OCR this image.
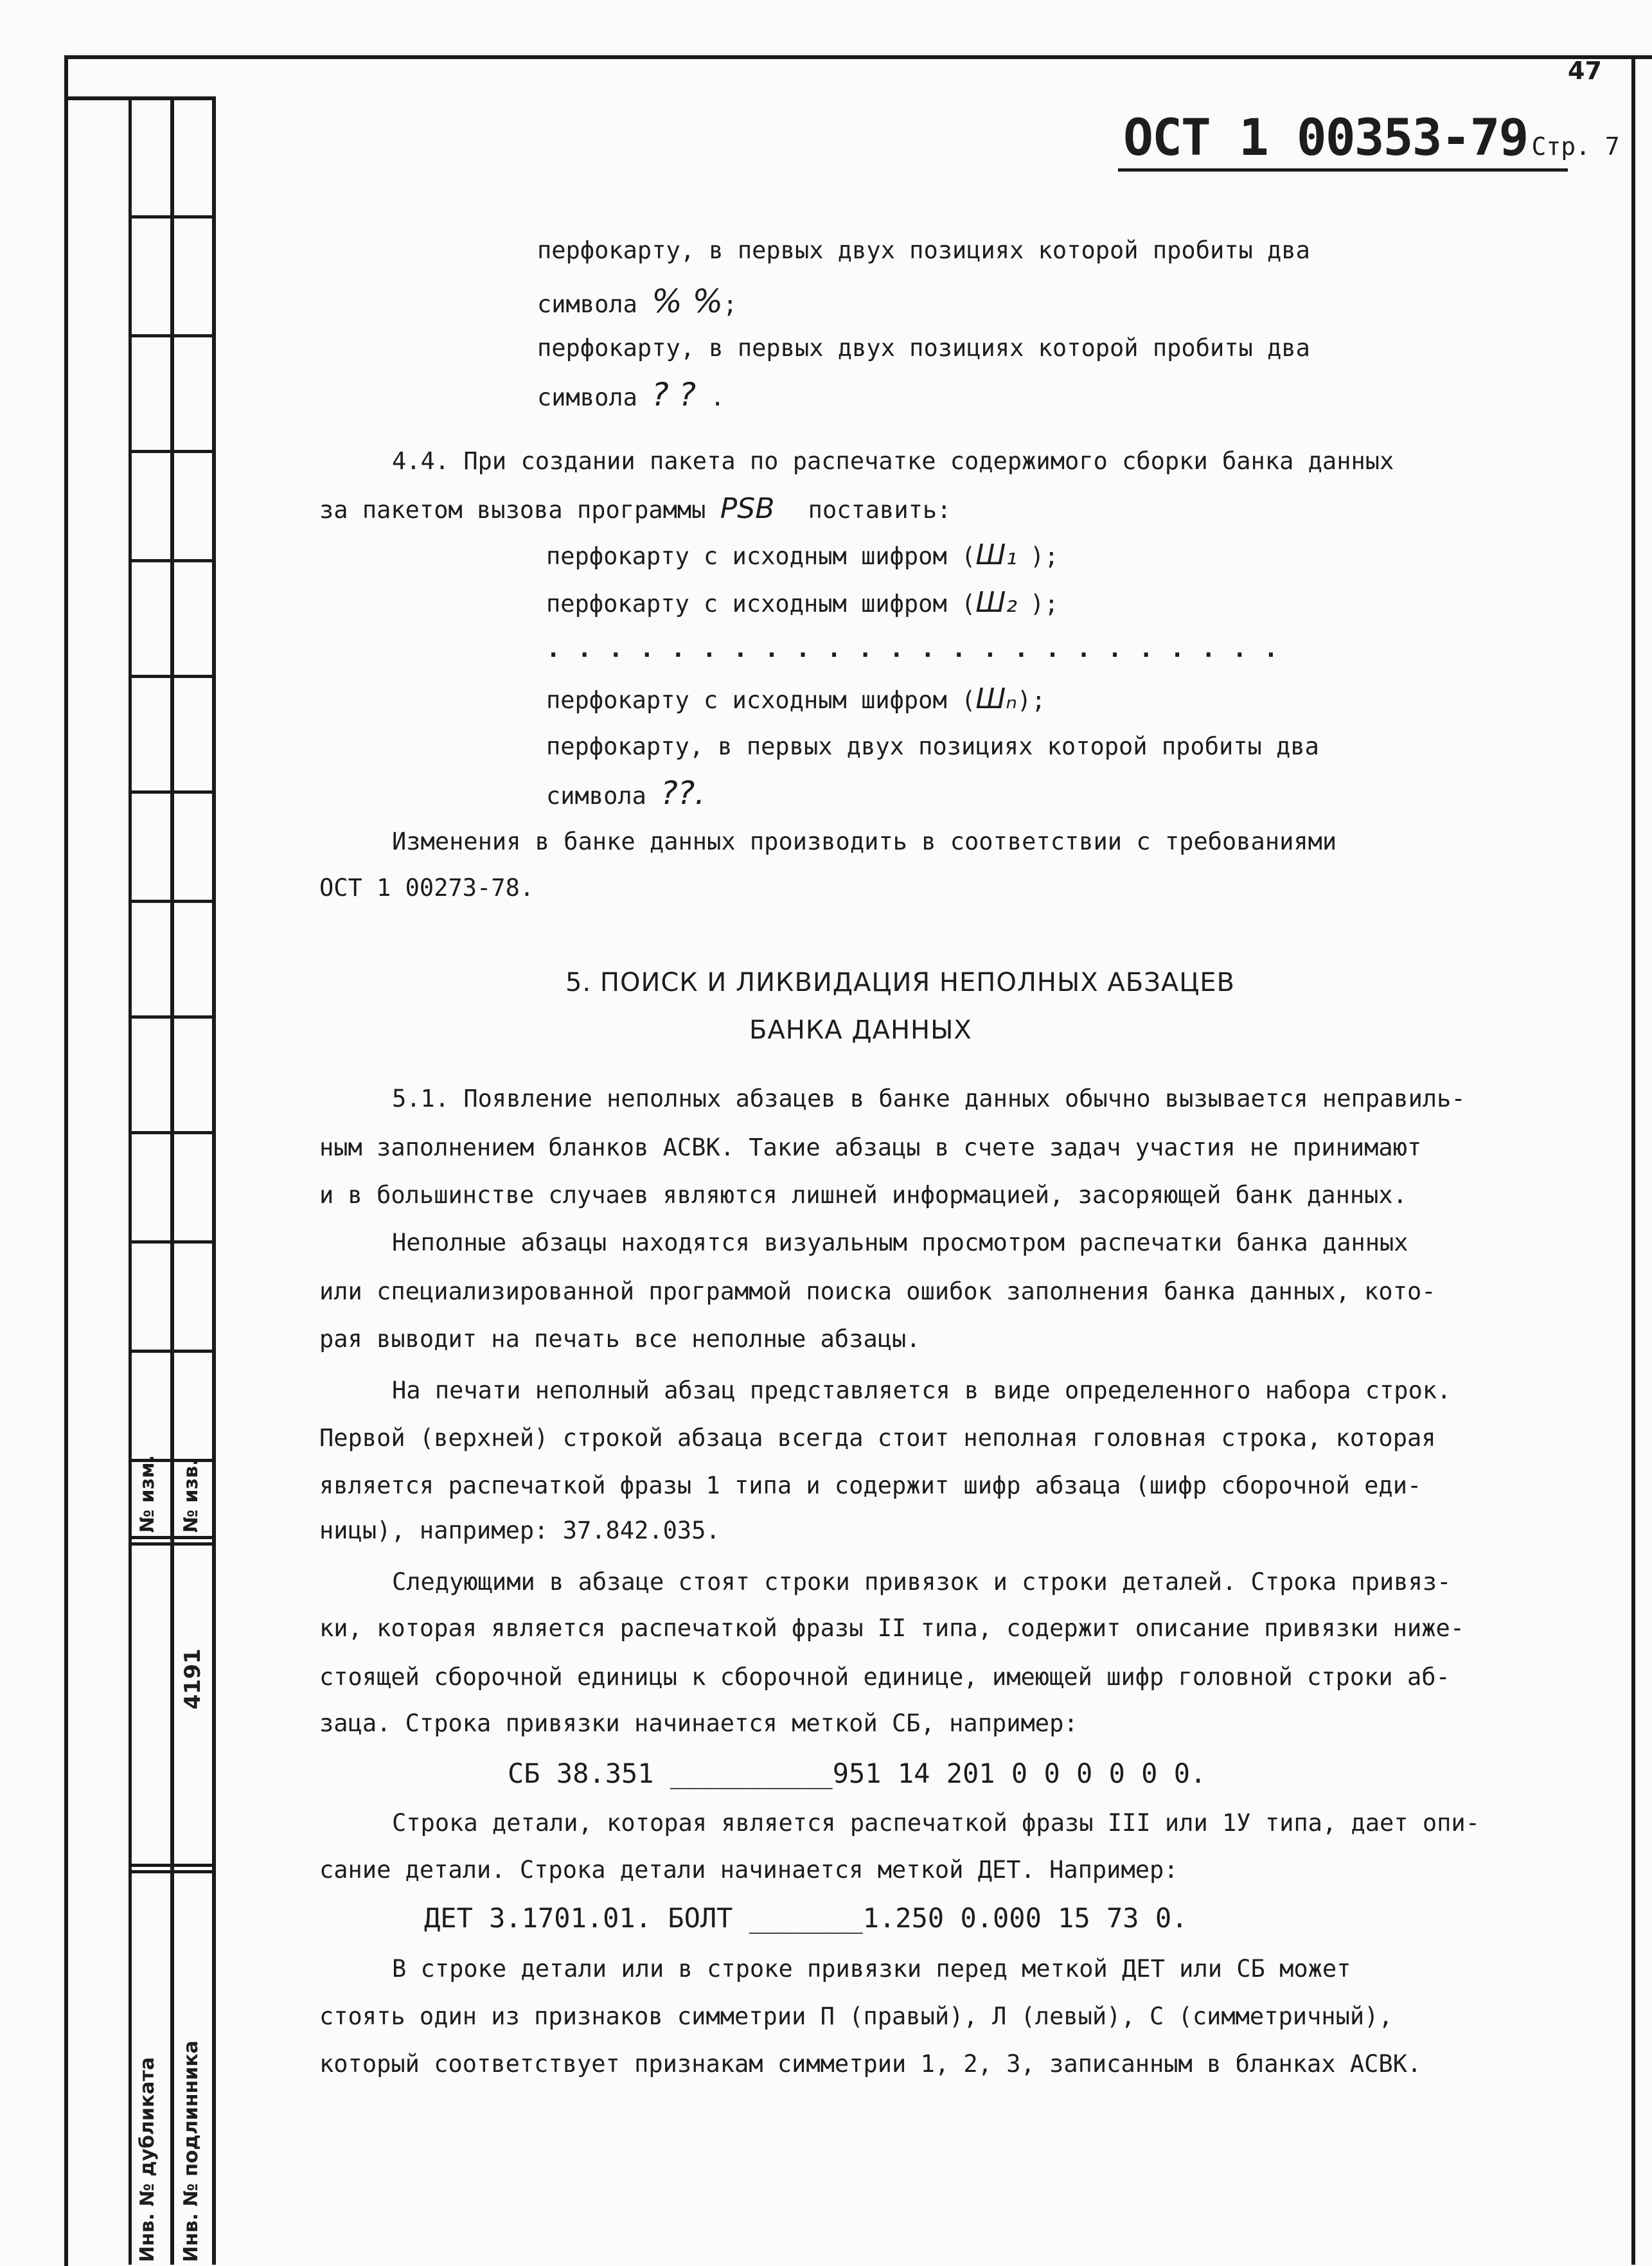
47
№ изм. № изв.
4191
Инв. № дубликата Инв. № подлинника
ОСТ 1 00353-79 Стр. 7
перфокарту, в первых двух позициях которой пробиты два
символа % %;
перфокарту, в первых двух позициях которой пробиты два
символа ? ? .
4.4. При создании пакета по распечатке содержимого сборки банка данных
за пакетом вызова программы PSB поставить:
перфокарту с исходным шифром (Ш₁ );
перфокарту с исходным шифром (Ш₂ );
. . . . . . . . . . . . . . . . . . . . . . . .
перфокарту с исходным шифром (Шₙ);
перфокарту, в первых двух позициях которой пробиты два
символа ??.
Изменения в банке данных производить в соответствии с требованиями
ОСТ 1 00273-78.
5. ПОИСК И ЛИКВИДАЦИЯ НЕПОЛНЫХ АБЗАЦЕВ
БАНКА ДАННЫХ
5.1. Появление неполных абзацев в банке данных обычно вызывается неправиль-
ным заполнением бланков АСВК. Такие абзацы в счете задач участия не принимают
и в большинстве случаев являются лишней информацией, засоряющей банк данных.
Неполные абзацы находятся визуальным просмотром распечатки банка данных
или специализированной программой поиска ошибок заполнения банка данных, кото-
рая выводит на печать все неполные абзацы.
На печати неполный абзац представляется в виде определенного набора строк.
Первой (верхней) строкой абзаца всегда стоит неполная головная строка, которая
является распечаткой фразы 1 типа и содержит шифр абзаца (шифр сборочной еди-
ницы), например: 37.842.035.
Следующими в абзаце стоят строки привязок и строки деталей. Строка привяз-
ки, которая является распечаткой фразы II типа, содержит описание привязки ниже-
стоящей сборочной единицы к сборочной единице, имеющей шифр головной строки аб-
заца. Строка привязки начинается меткой СБ, например:
СБ 38.351 __________951 14 201 0 0 0 0 0 0.
Строка детали, которая является распечаткой фразы III или 1У типа, дает опи-
сание детали. Строка детали начинается меткой ДЕТ. Например:
ДЕТ 3.1701.01. БОЛТ _______1.250 0.000 15 73 0.
В строке детали или в строке привязки перед меткой ДЕТ или СБ может
стоять один из признаков симметрии П (правый), Л (левый), С (симметричный),
который соответствует признакам симметрии 1, 2, 3, записанным в бланках АСВК.
